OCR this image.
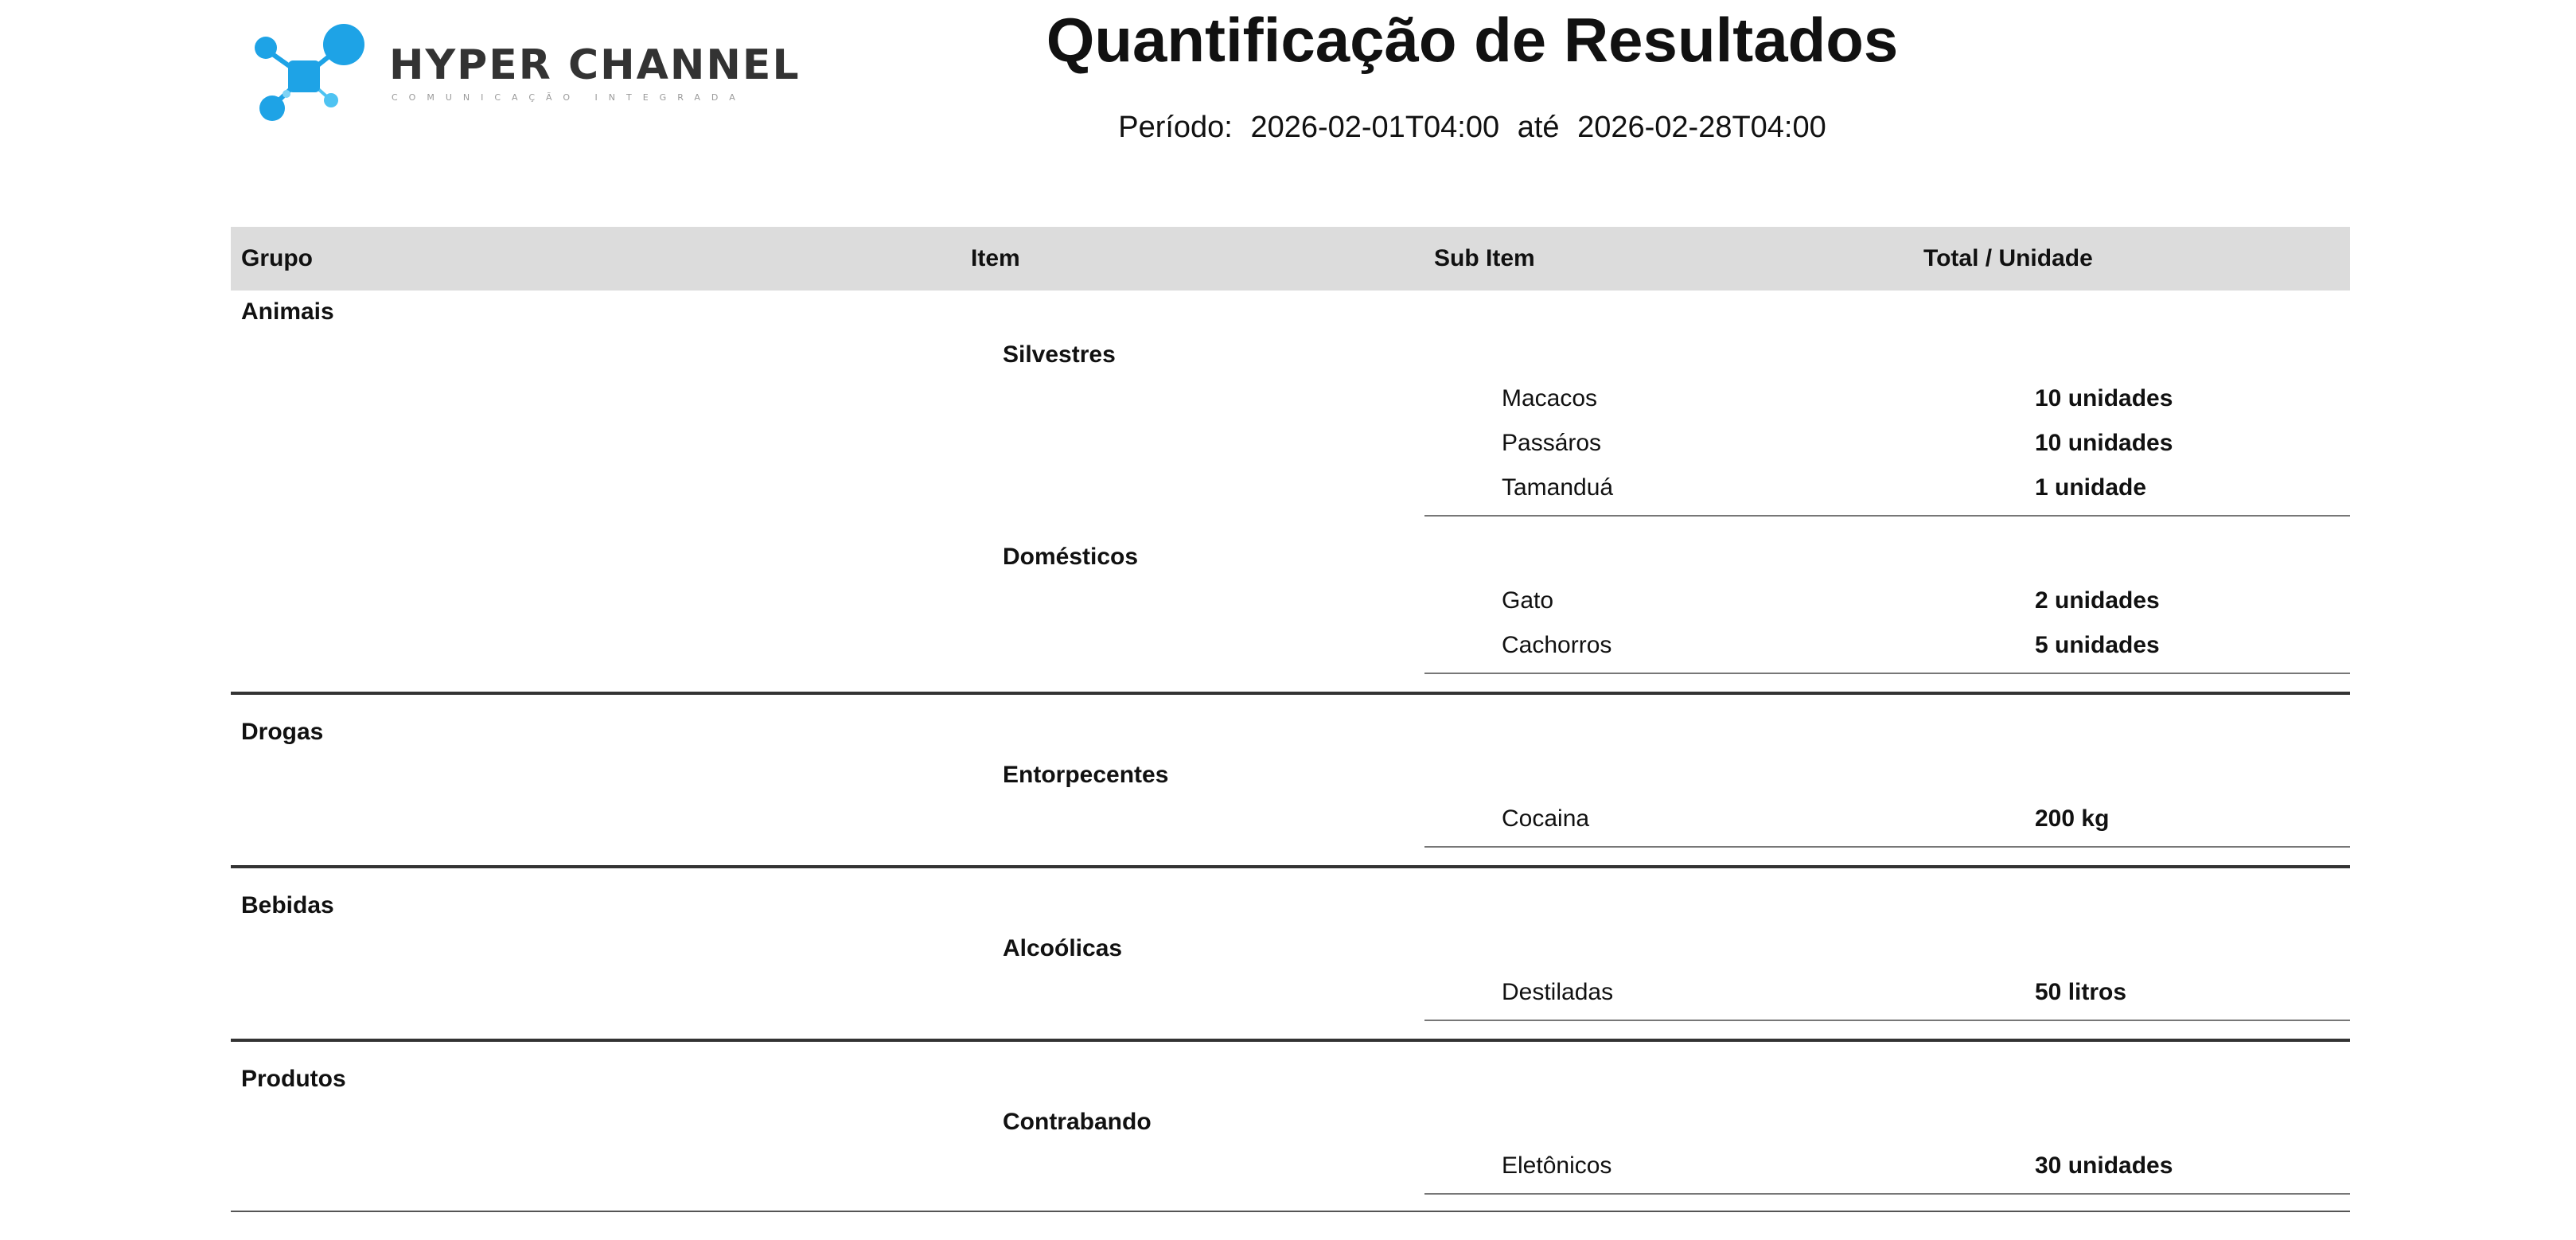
HYPER CHANNEL
COMUNICAÇÃO INTEGRADA
Quantificação de Resultados
Período: 2026-02-01T04:00 até 2026-02-28T04:00
Grupo	Item	Sub Item	Total / Unidade
Animais
Silvestres
Macacos	10 unidades
Passáros	10 unidades
Tamanduá	1 unidade
Domésticos
Gato	2 unidades
Cachorros	5 unidades
Drogas
Entorpecentes
Cocaina	200 kg
Bebidas
Alcoólicas
Destiladas	50 litros
Produtos
Contrabando
Eletônicos	30 unidades
